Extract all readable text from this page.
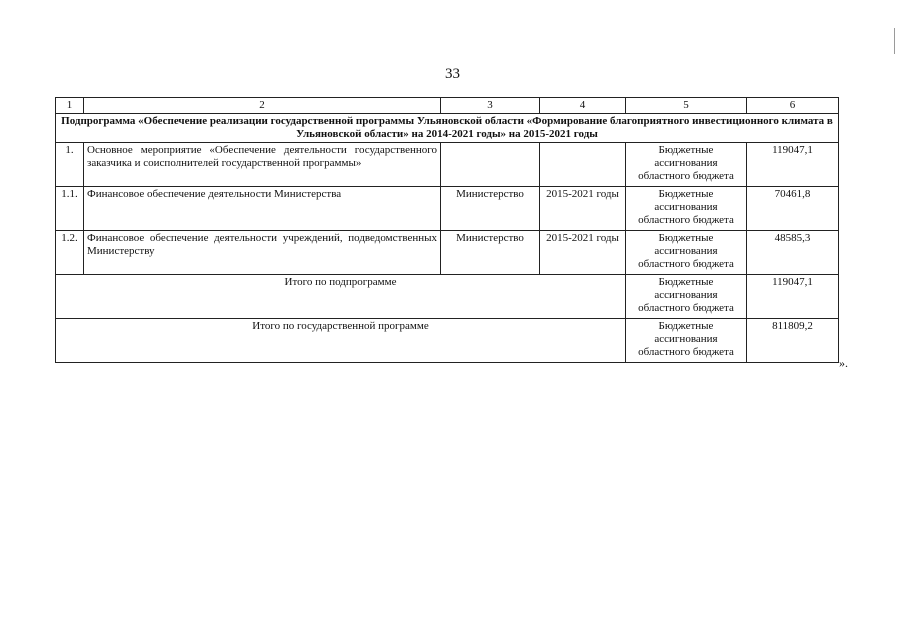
33
1	2	3	4	5	6
Подпрограмма «Обеспечение реализации государственной программы Ульяновской области «Формирование благоприятного инвестиционного климата в Ульяновской области» на 2014-2021 годы» на 2015-2021 годы					
1.	Основное мероприятие «Обеспечение деятельности государственного заказчика и соисполнителей государственной программы»			Бюджетные ассигнования областного бюджета	119047,1
1.1.	Финансовое обеспечение деятельности Министерства	Министерство	2015-2021 годы	Бюджетные ассигнования областного бюджета	70461,8
1.2.	Финансовое обеспечение деятельности учреждений, подведомственных Министерству	Министерство	2015-2021 годы	Бюджетные ассигнования областного бюджета	48585,3
Итого по подпрограмме				Бюджетные ассигнования областного бюджета	119047,1
Итого по государственной программе				Бюджетные ассигнования областного бюджета	811809,2
».
